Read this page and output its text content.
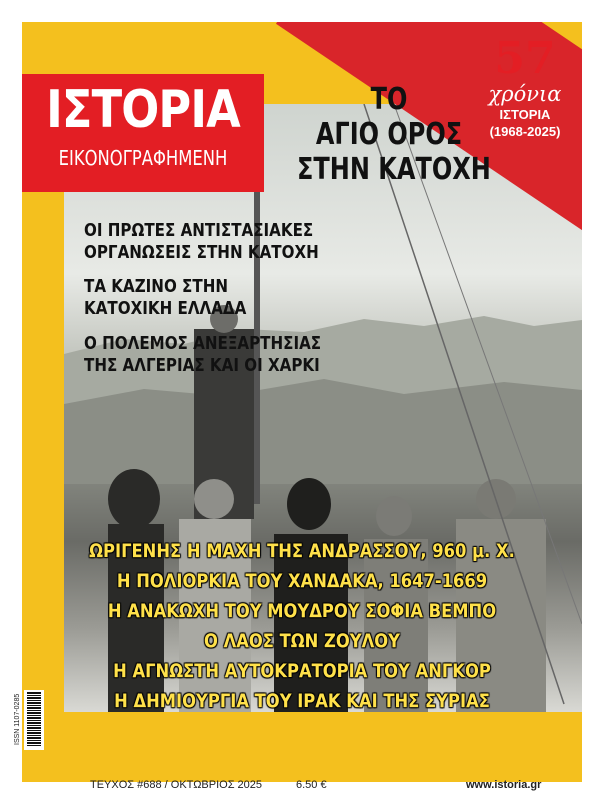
57
χρόνια
ΙΣΤΟΡΙΑ
(1968-2025)
ΙΣΤΟΡΙΑ
ΕΙΚΟΝΟΓΡΑΦΗΜΕΝΗ
ΤΟ
ΑΓΙΟ ΟΡΟΣ
ΣΤΗΝ ΚΑΤΟΧΗ
ΟΙ ΠΡΩΤΕΣ ΑΝΤΙΣΤΑΣΙΑΚΕΣ
ΟΡΓΑΝΩΣΕΙΣ ΣΤΗΝ ΚΑΤΟΧΗ
ΤΑ ΚΑΖΙΝΟ ΣΤΗΝ
ΚΑΤΟΧΙΚΗ ΕΛΛΑΔΑ
Ο ΠΟΛΕΜΟΣ ΑΝΕΞΑΡΤΗΣΙΑΣ
ΤΗΣ ΑΛΓΕΡΙΑΣ ΚΑΙ ΟΙ ΧΑΡΚΙ
ΩΡΙΓΕΝΗΣ Η ΜΑΧΗ ΤΗΣ ΑΝΔΡΑΣΣΟΥ, 960 μ. Χ.
Η ΠΟΛΙΟΡΚΙΑ ΤΟΥ ΧΑΝΔΑΚΑ, 1647-1669
Η ΑΝΑΚΩΧΗ ΤΟΥ ΜΟΥΔΡΟΥ ΣΟΦΙΑ ΒΕΜΠΟ
Ο ΛΑΟΣ ΤΩΝ ΖΟΥΛΟΥ
Η ΑΓΝΩΣΤΗ ΑΥΤΟΚΡΑΤΟΡΙΑ ΤΟΥ ΑΝΓΚΟΡ
Η ΔΗΜΙΟΥΡΓΙΑ ΤΟΥ ΙΡΑΚ ΚΑΙ ΤΗΣ ΣΥΡΙΑΣ
ISSN 1107-0285
ΤΕΥΧΟΣ #688 / ΟΚΤΩΒΡΙΟΣ 2025	6.50 €	www.istoria.gr
